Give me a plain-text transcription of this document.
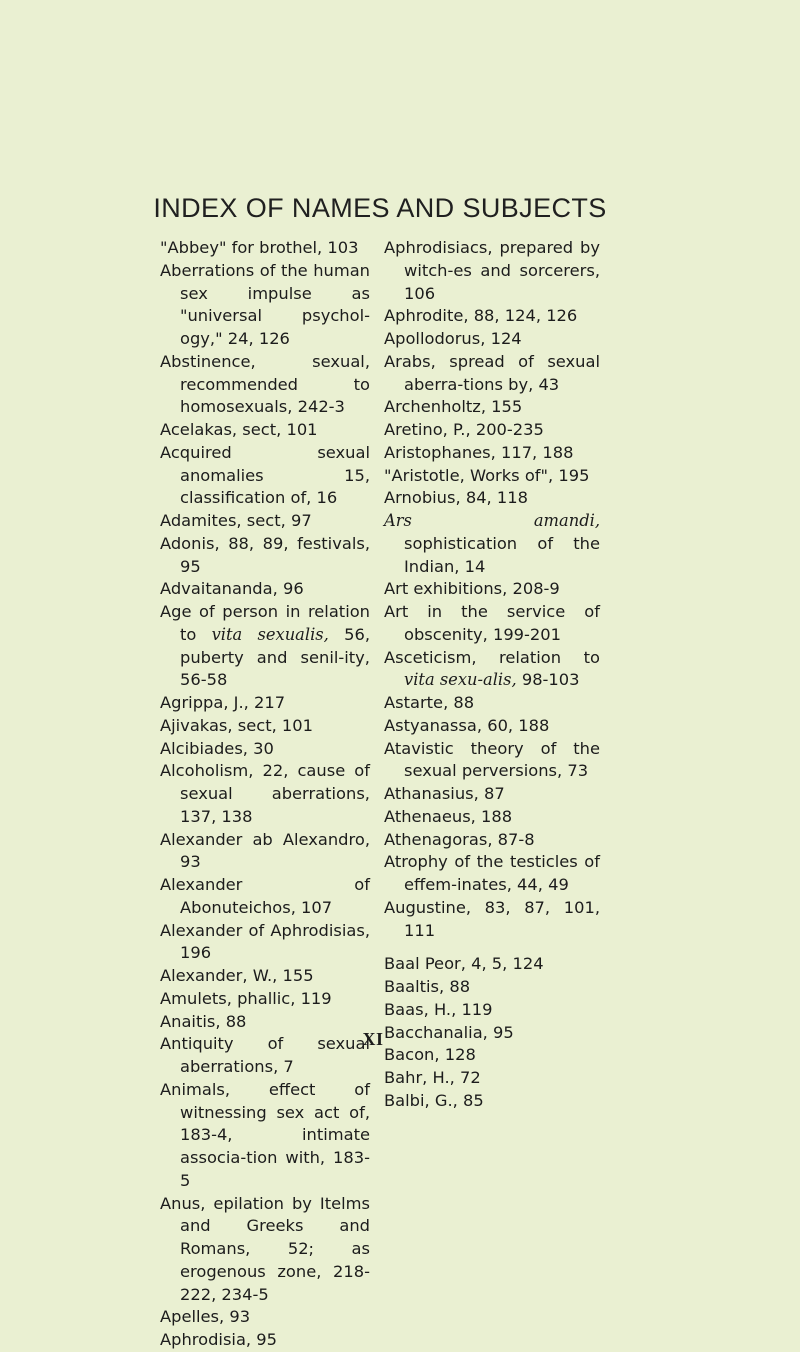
INDEX OF NAMES AND SUBJECTS
"Abbey" for brothel, 103
Aberrations of the human sex impulse as "universal psychol-ogy," 24, 126
Abstinence, sexual, recommended to homosexuals, 242-3
Acelakas, sect, 101
Acquired sexual anomalies 15, classification of, 16
Adamites, sect, 97
Adonis, 88, 89, festivals, 95
Advaitananda, 96
Age of person in relation to vita sexualis, 56, puberty and senil-ity, 56-58
Agrippa, J., 217
Ajivakas, sect, 101
Alcibiades, 30
Alcoholism, 22, cause of sexual aberrations, 137, 138
Alexander ab Alexandro, 93
Alexander of Abonuteichos, 107
Alexander of Aphrodisias, 196
Alexander, W., 155
Amulets, phallic, 119
Anaitis, 88
Antiquity of sexual aberrations, 7
Animals, effect of witnessing sex act of, 183-4, intimate associa-tion with, 183-5
Anus, epilation by Itelms and Greeks and Romans, 52; as erogenous zone, 218-222, 234-5
Apelles, 93
Aphrodisia, 95
Aphrodisiacs, prepared by witch-es and sorcerers, 106
Aphrodite, 88, 124, 126
Apollodorus, 124
Arabs, spread of sexual aberra-tions by, 43
Archenholtz, 155
Aretino, P., 200-235
Aristophanes, 117, 188
"Aristotle, Works of", 195
Arnobius, 84, 118
Ars amandi, sophistication of the Indian, 14
Art exhibitions, 208-9
Art in the service of obscenity, 199-201
Asceticism, relation to vita sexu-alis, 98-103
Astarte, 88
Astyanassa, 60, 188
Atavistic theory of the sexual perversions, 73
Athanasius, 87
Athenaeus, 188
Athenagoras, 87-8
Atrophy of the testicles of effem-inates, 44, 49
Augustine, 83, 87, 101, 111
Baal Peor, 4, 5, 124
Baaltis, 88
Baas, H., 119
Bacchanalia, 95
Bacon, 128
Bahr, H., 72
Balbi, G., 85
XI
